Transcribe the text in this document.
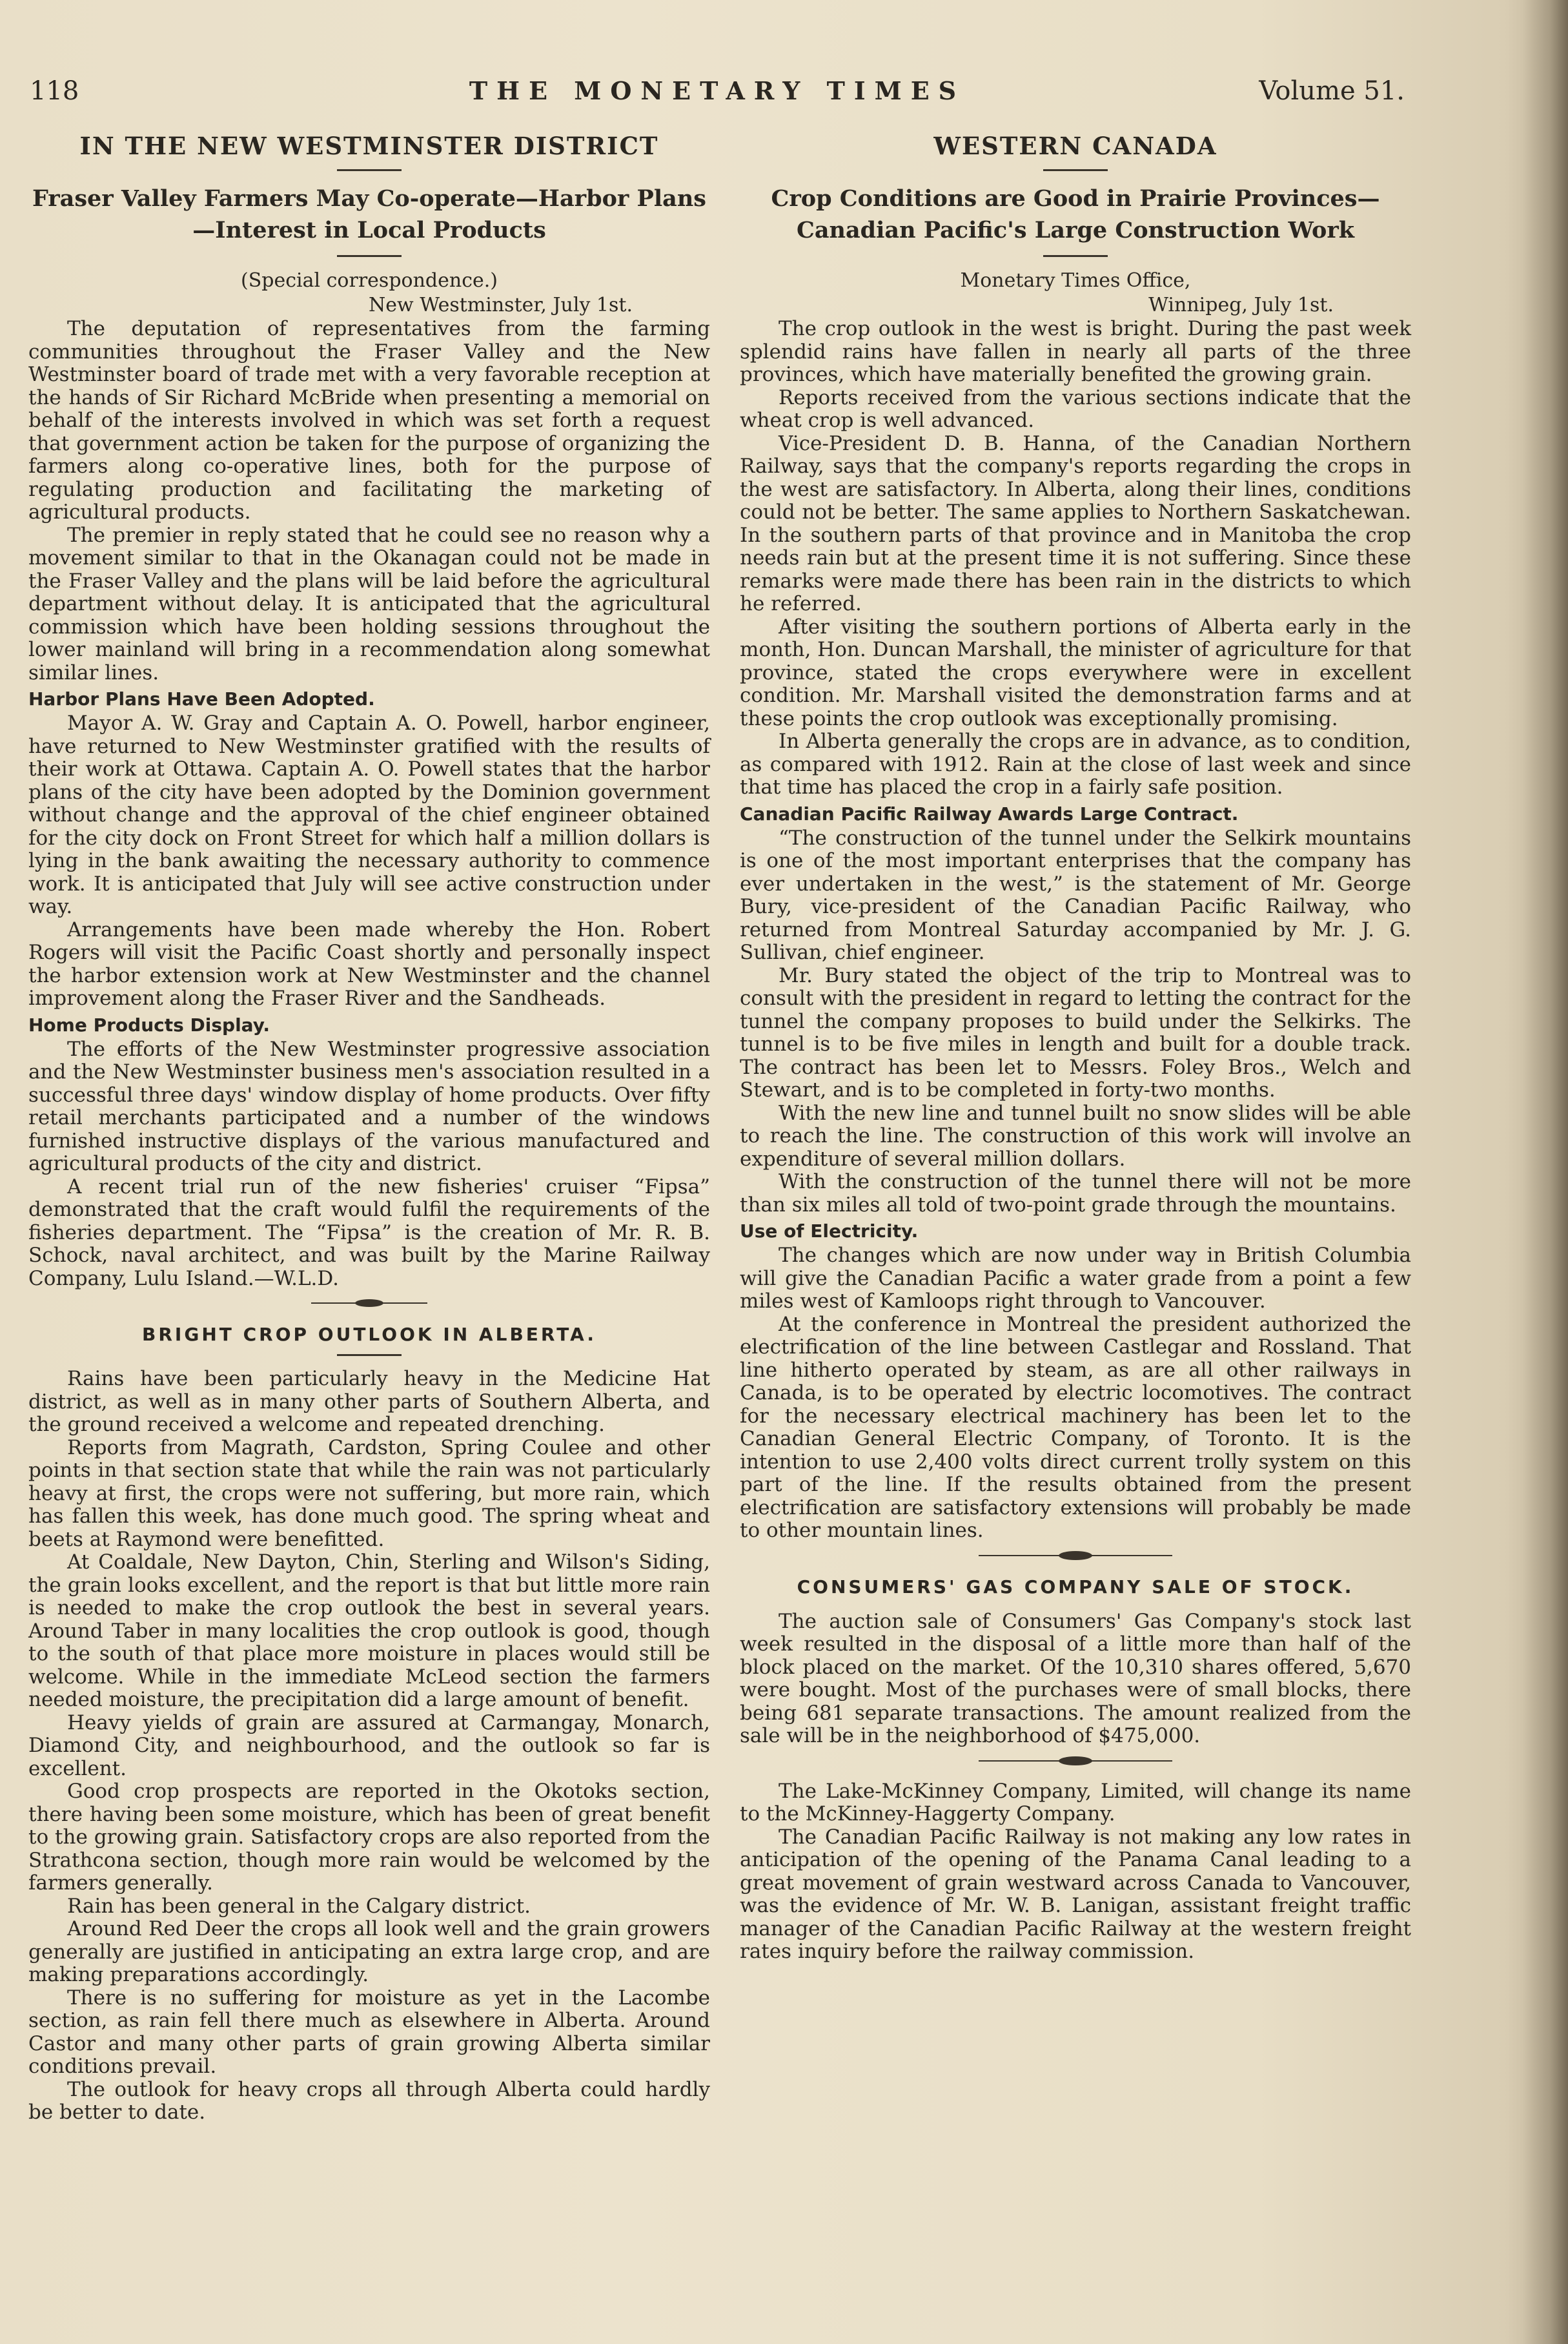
118	THE MONETARY TIMES	Volume 51.
IN THE NEW WESTMINSTER DISTRICT
Fraser Valley Farmers May Co-operate—Harbor Plans
—Interest in Local Products
(Special correspondence.)
New Westminster, July 1st.

The deputation of representatives from the farming communities throughout the Fraser Valley and the New Westminster board of trade met with a very favorable reception at the hands of Sir Richard McBride when presenting a memorial on behalf of the interests involved in which was set forth a request that government action be taken for the purpose of organizing the farmers along co-operative lines, both for the purpose of regulating production and facilitating the marketing of agricultural products.

The premier in reply stated that he could see no reason why a movement similar to that in the Okanagan could not be made in the Fraser Valley and the plans will be laid before the agricultural department without delay. It is anticipated that the agricultural commission which have been holding sessions throughout the lower mainland will bring in a recommendation along somewhat similar lines.

Harbor Plans Have Been Adopted.

Mayor A. W. Gray and Captain A. O. Powell, harbor engineer, have returned to New Westminster gratified with the results of their work at Ottawa. Captain A. O. Powell states that the harbor plans of the city have been adopted by the Dominion government without change and the approval of the chief engineer obtained for the city dock on Front Street for which half a million dollars is lying in the bank awaiting the necessary authority to commence work. It is anticipated that July will see active construction under way.

Arrangements have been made whereby the Hon. Robert Rogers will visit the Pacific Coast shortly and personally inspect the harbor extension work at New Westminster and the channel improvement along the Fraser River and the Sandheads.

Home Products Display.

The efforts of the New Westminster progressive association and the New Westminster business men's association resulted in a successful three days' window display of home products. Over fifty retail merchants participated and a number of the windows furnished instructive displays of the various manufactured and agricultural products of the city and district.

A recent trial run of the new fisheries' cruiser “Fipsa” demonstrated that the craft would fulfil the requirements of the fisheries department. The “Fipsa” is the creation of Mr. R. B. Schock, naval architect, and was built by the Marine Railway Company, Lulu Island.—W.L.D.

BRIGHT CROP OUTLOOK IN ALBERTA.

Rains have been particularly heavy in the Medicine Hat district, as well as in many other parts of Southern Alberta, and the ground received a welcome and repeated drenching.

Reports from Magrath, Cardston, Spring Coulee and other points in that section state that while the rain was not particularly heavy at first, the crops were not suffering, but more rain, which has fallen this week, has done much good. The spring wheat and beets at Raymond were benefitted.

At Coaldale, New Dayton, Chin, Sterling and Wilson's Siding, the grain looks excellent, and the report is that but little more rain is needed to make the crop outlook the best in several years. Around Taber in many localities the crop outlook is good, though to the south of that place more moisture in places would still be welcome. While in the immediate McLeod section the farmers needed moisture, the precipitation did a large amount of benefit.

Heavy yields of grain are assured at Carmangay, Monarch, Diamond City, and neighbourhood, and the outlook so far is excellent.

Good crop prospects are reported in the Okotoks section, there having been some moisture, which has been of great benefit to the growing grain. Satisfactory crops are also reported from the Strathcona section, though more rain would be welcomed by the farmers generally.

Rain has been general in the Calgary district.

Around Red Deer the crops all look well and the grain growers generally are justified in anticipating an extra large crop, and are making preparations accordingly.

There is no suffering for moisture as yet in the Lacombe section, as rain fell there much as elsewhere in Alberta. Around Castor and many other parts of grain growing Alberta similar conditions prevail.

The outlook for heavy crops all through Alberta could hardly be better to date.

WESTERN CANADA
Crop Conditions are Good in Prairie Provinces—
Canadian Pacific's Large Construction Work
Monetary Times Office,
Winnipeg, July 1st.

The crop outlook in the west is bright. During the past week splendid rains have fallen in nearly all parts of the three provinces, which have materially benefited the growing grain.

Reports received from the various sections indicate that the wheat crop is well advanced.

Vice-President D. B. Hanna, of the Canadian Northern Railway, says that the company's reports regarding the crops in the west are satisfactory. In Alberta, along their lines, conditions could not be better. The same applies to Northern Saskatchewan. In the southern parts of that province and in Manitoba the crop needs rain but at the present time it is not suffering. Since these remarks were made there has been rain in the districts to which he referred.

After visiting the southern portions of Alberta early in the month, Hon. Duncan Marshall, the minister of agriculture for that province, stated the crops everywhere were in excellent condition. Mr. Marshall visited the demonstration farms and at these points the crop outlook was exceptionally promising.

In Alberta generally the crops are in advance, as to condition, as compared with 1912. Rain at the close of last week and since that time has placed the crop in a fairly safe position.

Canadian Pacific Railway Awards Large Contract.

“The construction of the tunnel under the Selkirk mountains is one of the most important enterprises that the company has ever undertaken in the west,” is the statement of Mr. George Bury, vice-president of the Canadian Pacific Railway, who returned from Montreal Saturday accompanied by Mr. J. G. Sullivan, chief engineer.

Mr. Bury stated the object of the trip to Montreal was to consult with the president in regard to letting the contract for the tunnel the company proposes to build under the Selkirks. The tunnel is to be five miles in length and built for a double track. The contract has been let to Messrs. Foley Bros., Welch and Stewart, and is to be completed in forty-two months.

With the new line and tunnel built no snow slides will be able to reach the line. The construction of this work will involve an expenditure of several million dollars.

With the construction of the tunnel there will not be more than six miles all told of two-point grade through the mountains.

Use of Electricity.

The changes which are now under way in British Columbia will give the Canadian Pacific a water grade from a point a few miles west of Kamloops right through to Vancouver.

At the conference in Montreal the president authorized the electrification of the line between Castlegar and Rossland. That line hitherto operated by steam, as are all other railways in Canada, is to be operated by electric locomotives. The contract for the necessary electrical machinery has been let to the Canadian General Electric Company, of Toronto. It is the intention to use 2,400 volts direct current trolly system on this part of the line. If the results obtained from the present electrification are satisfactory extensions will probably be made to other mountain lines.

CONSUMERS' GAS COMPANY SALE OF STOCK.

The auction sale of Consumers' Gas Company's stock last week resulted in the disposal of a little more than half of the block placed on the market. Of the 10,310 shares offered, 5,670 were bought. Most of the purchases were of small blocks, there being 681 separate transactions. The amount realized from the sale will be in the neighborhood of $475,000.

The Lake-McKinney Company, Limited, will change its name to the McKinney-Haggerty Company.

The Canadian Pacific Railway is not making any low rates in anticipation of the opening of the Panama Canal leading to a great movement of grain westward across Canada to Vancouver, was the evidence of Mr. W. B. Lanigan, assistant freight traffic manager of the Canadian Pacific Railway at the western freight rates inquiry before the railway commission.
